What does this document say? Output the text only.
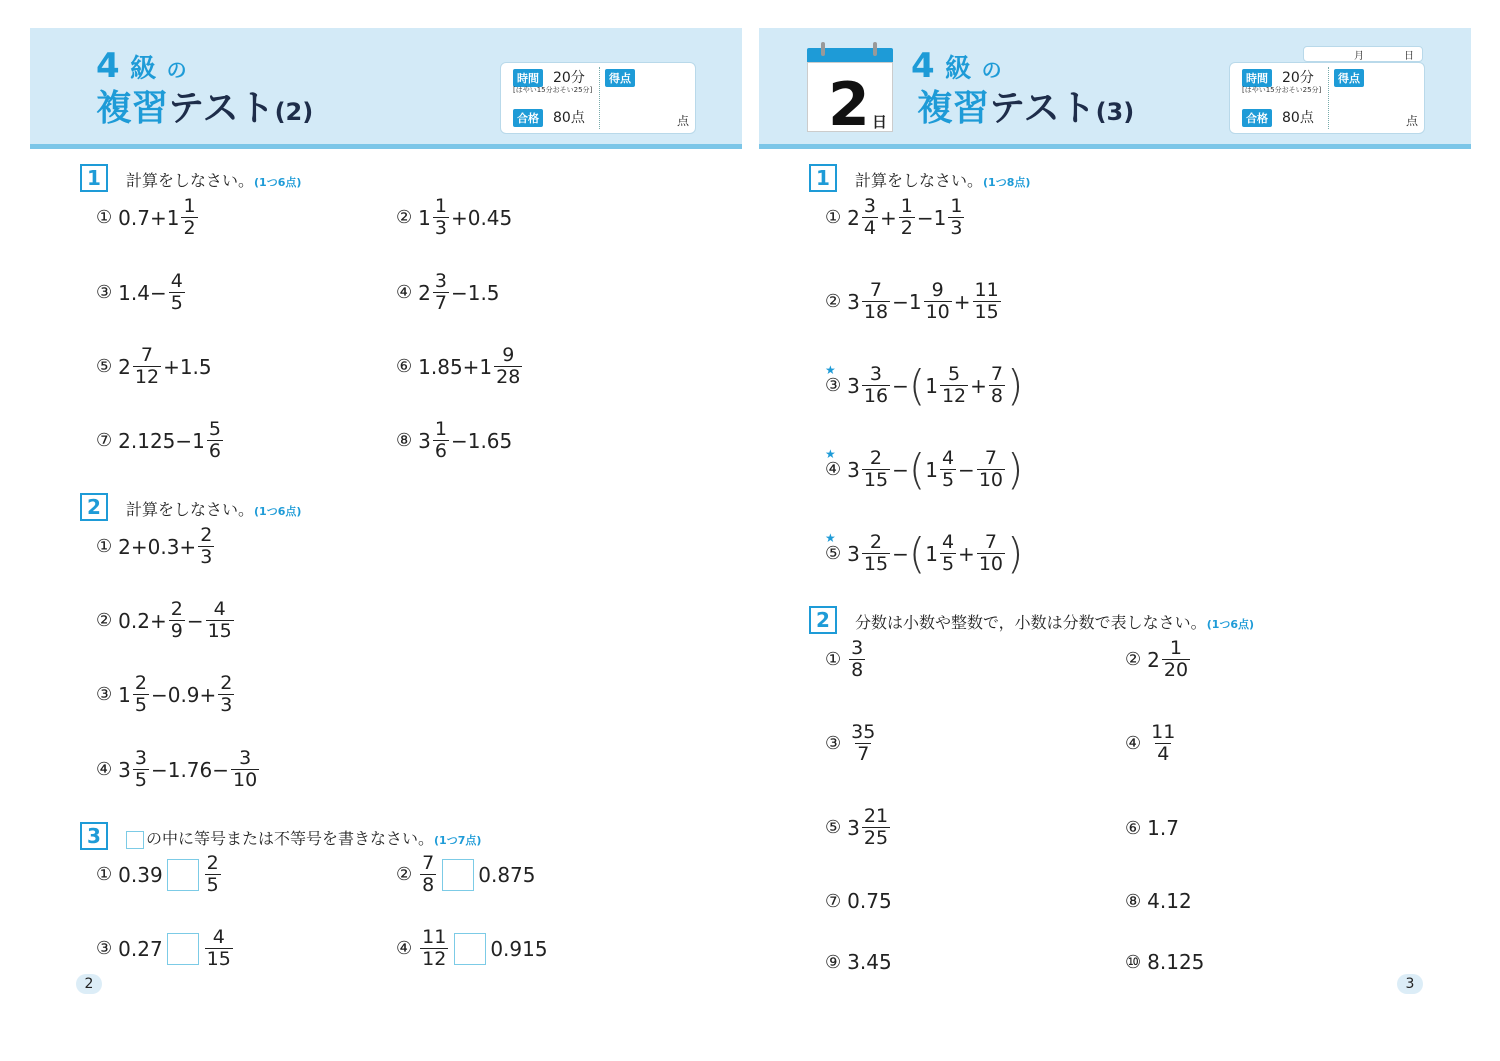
4 級 の
複習テスト(2)
時間 20分
[はやい15分おそい25分]
合格 80点
得点
点
1	計算をしなさい。(1つ6点)
① $0.7+1 \frac{1}{2}$	② $1 \frac{1}{3} +0.45$
③ $1.4- \frac{4}{5}$	④ $2 \frac{3}{7} -1.5$
⑤ $2 \frac{7}{12} +1.5$	⑥ $1.85+1 \frac{9}{28}$
⑦ $2.125-1 \frac{5}{6}$	⑧ $3 \frac{1}{6} -1.65$
2	計算をしなさい。(1つ6点)
① $2+0.3+ \frac{2}{3}$
② $0.2+ \frac{2}{9} - \frac{4}{15}$
③ $1 \frac{2}{5} -0.9+ \frac{2}{3}$
④ $3 \frac{3}{5} -1.76- \frac{3}{10}$
3	の中に等号または不等号を書きなさい。(1つ7点)
① $0.39 \frac{2}{5}$	② $\frac{7}{8} 0.875$
③ $0.27 \frac{4}{15}$	④ $\frac{11}{12} 0.915$
2
2 日
4 級 の
複習テスト(3)
月	日
時間 20分
[はやい15分おそい25分]
合格 80点
得点
点
1	計算をしなさい。(1つ8点)
① $2 \frac{3}{4} + \frac{1}{2} - 1 \frac{1}{3}$
② $3 \frac{7}{18} - 1 \frac{9}{10} + \frac{11}{15}$
★
③ $3 \frac{3}{16}$ − ( $1 \frac{5}{12} + \frac{7}{8}$ )
★
④ $3 \frac{2}{15}$ − ( $1 \frac{4}{5} - \frac{7}{10}$ )
★
⑤ $3 \frac{2}{15}$ − ( $1 \frac{4}{5} + \frac{7}{10}$ )
2	分数は小数や整数で，小数は分数で表しなさい。(1つ6点)
① $\frac{3}{8}$	② $2 \frac{1}{20}$
③ $\frac{35}{7}$	④ $\frac{11}{4}$
⑤ $3 \frac{21}{25}$	⑥ 1.7
⑦ 0.75	⑧ 4.12
⑨ 3.45	⑩ 8.125
3
